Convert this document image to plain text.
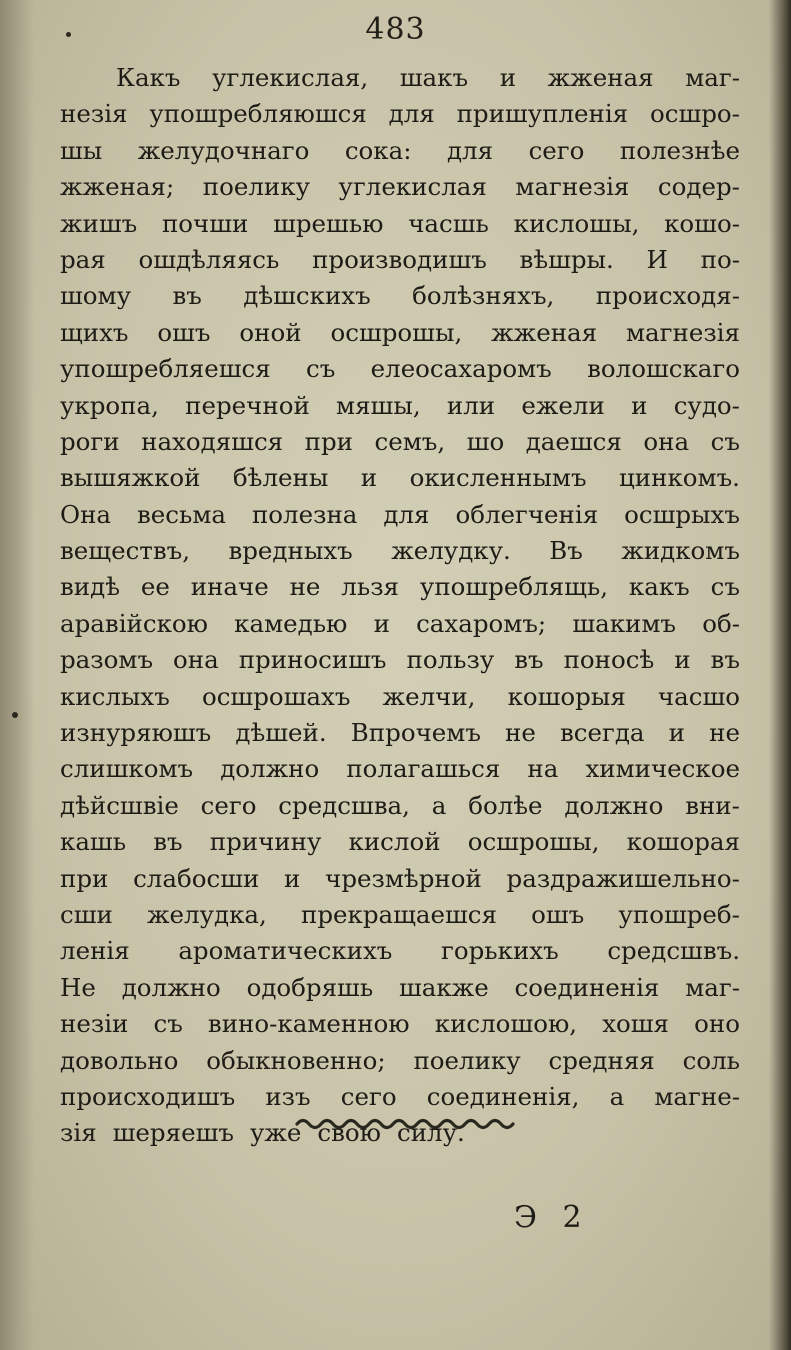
483
Какъ углекислая, шакъ и жженая маг-
незія упошребляюшся для пришупленія осшро-
шы желудочнаго сока: для сего полезнѣе
жженая; поелику углекислая магнезія содер-
жишъ почши шрешью часшь кислошы, кошо-
рая ошдѣляясь производишъ вѣшры. И по-
шому въ дѣшскихъ болѣзняхъ, происходя-
щихъ ошъ оной осшрошы, жженая магнезія
упошребляешся съ елеосахаромъ волошскаго
укропа, перечной мяшы, или ежели и судо-
роги находяшся при семъ, шо даешся она съ
вышяжкой бѣлены и окисленнымъ цинкомъ.
Она весьма полезна для облегченія осшрыхъ
веществъ, вредныхъ желудку. Въ жидкомъ
видѣ ее иначе не льзя упошреблящь, какъ съ
аравійскою камедью и сахаромъ; шакимъ об-
разомъ она приносишъ пользу въ поносѣ и въ
кислыхъ осшрошахъ желчи, кошорыя часшо
изнуряюшъ дѣшей. Впрочемъ не всегда и не
слишкомъ должно полагашься на химическое
дѣйсшвіе сего средсшва, а болѣе должно вни-
кашь въ причину кислой осшрошы, кошорая
при слабосши и чрезмѣрной раздражишельно-
сши желудка, прекращаешся ошъ упошреб-
ленія ароматическихъ горькихъ средсшвъ.
Не должно одобряшь шакже соединенія маг-
незіи съ вино-каменною кислошою, хошя оно
довольно обыкновенно; поелику средняя соль
происходишъ изъ сего соединенія, а магне-
зія шеряешъ уже свою силу.
Э 2
